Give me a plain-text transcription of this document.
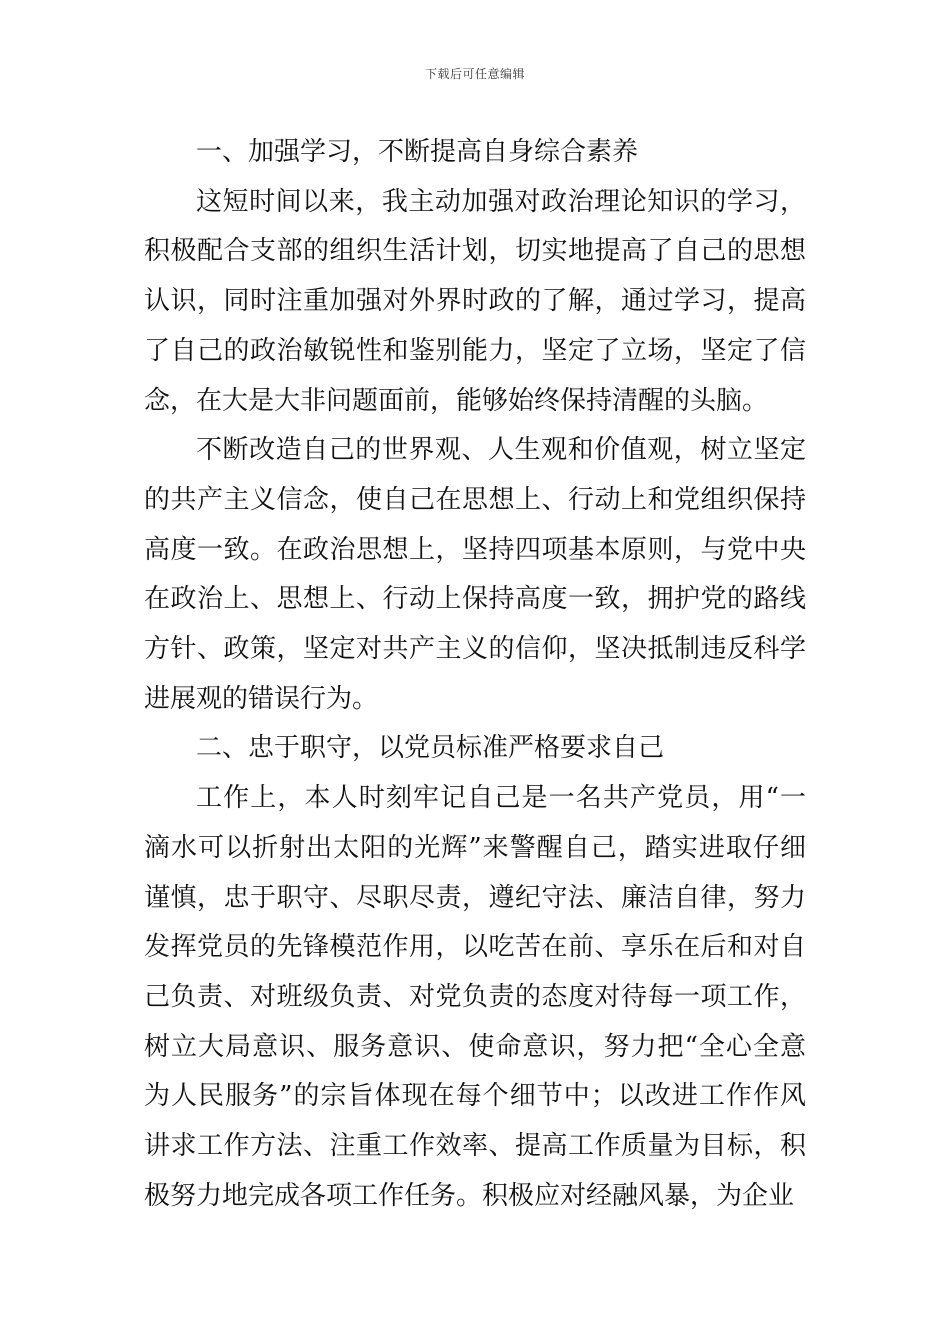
下载后可任意编辑

一、加强学习，不断提高自身综合素养

这短时间以来，我主动加强对政治理论知识的学习，积极配合支部的组织生活计划，切实地提高了自己的思想认识，同时注重加强对外界时政的了解，通过学习，提高了自己的政治敏锐性和鉴别能力，坚定了立场，坚定了信念，在大是大非问题面前，能够始终保持清醒的头脑。

不断改造自己的世界观、人生观和价值观，树立坚定的共产主义信念，使自己在思想上、行动上和党组织保持高度一致。在政治思想上，坚持四项基本原则，与党中央在政治上、思想上、行动上保持高度一致，拥护党的路线方针、政策，坚定对共产主义的信仰，坚决抵制违反科学进展观的错误行为。

二、忠于职守，以党员标准严格要求自己

工作上，本人时刻牢记自己是一名共产党员，用“一滴水可以折射出太阳的光辉”来警醒自己，踏实进取仔细谨慎，忠于职守、尽职尽责，遵纪守法、廉洁自律，努力发挥党员的先锋模范作用，以吃苦在前、享乐在后和对自己负责、对班级负责、对党负责的态度对待每一项工作，树立大局意识、服务意识、使命意识，努力把“全心全意为人民服务”的宗旨体现在每个细节中；以改进工作作风讲求工作方法、注重工作效率、提高工作质量为目标，积极努力地完成各项工作任务。积极应对经融风暴，为企业
